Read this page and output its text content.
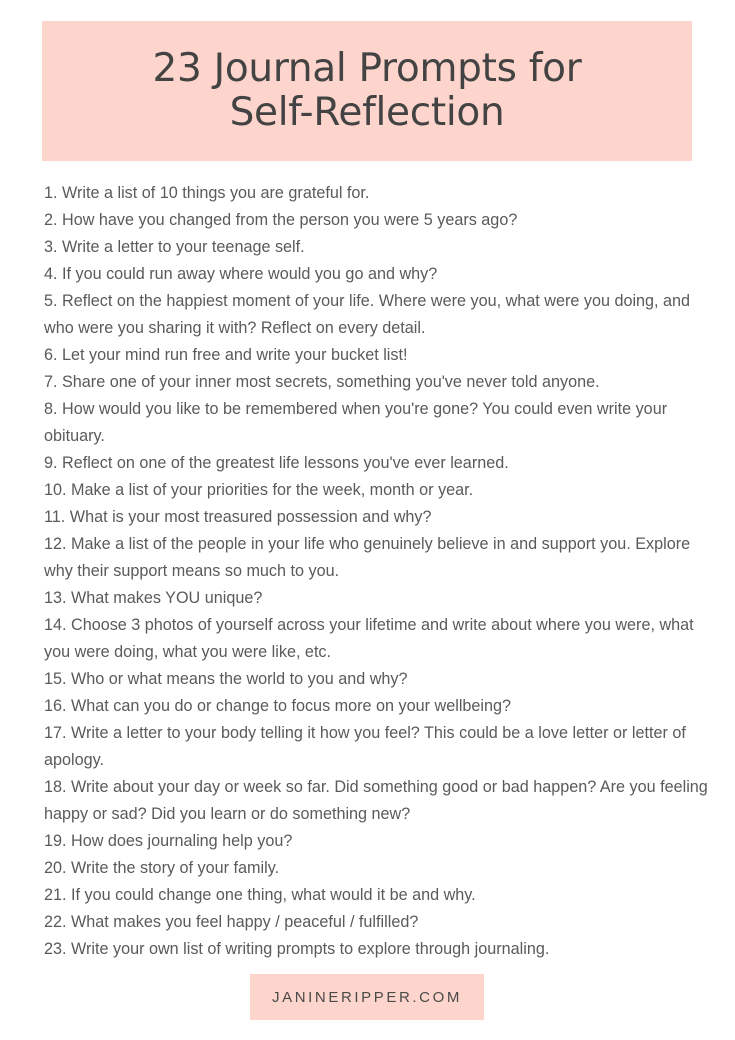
23 Journal Prompts for
Self-Reflection
1. Write a list of 10 things you are grateful for.
2. How have you changed from the person you were 5 years ago?
3. Write a letter to your teenage self.
4. If you could run away where would you go and why?
5. Reflect on the happiest moment of your life. Where were you, what were you doing, and who were you sharing it with? Reflect on every detail.
6. Let your mind run free and write your bucket list!
7. Share one of your inner most secrets, something you've never told anyone.
8. How would you like to be remembered when you're gone? You could even write your obituary.
9. Reflect on one of the greatest life lessons you've ever learned.
10. Make a list of your priorities for the week, month or year.
11. What is your most treasured possession and why?
12. Make a list of the people in your life who genuinely believe in and support you. Explore why their support means so much to you.
13. What makes YOU unique?
14. Choose 3 photos of yourself across your lifetime and write about where you were, what you were doing, what you were like, etc.
15. Who or what means the world to you and why?
16. What can you do or change to focus more on your wellbeing?
17. Write a letter to your body telling it how you feel? This could be a love letter or letter of apology.
18. Write about your day or week so far. Did something good or bad happen? Are you feeling happy or sad? Did you learn or do something new?
19. How does journaling help you?
20. Write the story of your family.
21. If you could change one thing, what would it be and why.
22. What makes you feel happy / peaceful / fulfilled?
23. Write your own list of writing prompts to explore through journaling.
JANINERIPPER.COM
